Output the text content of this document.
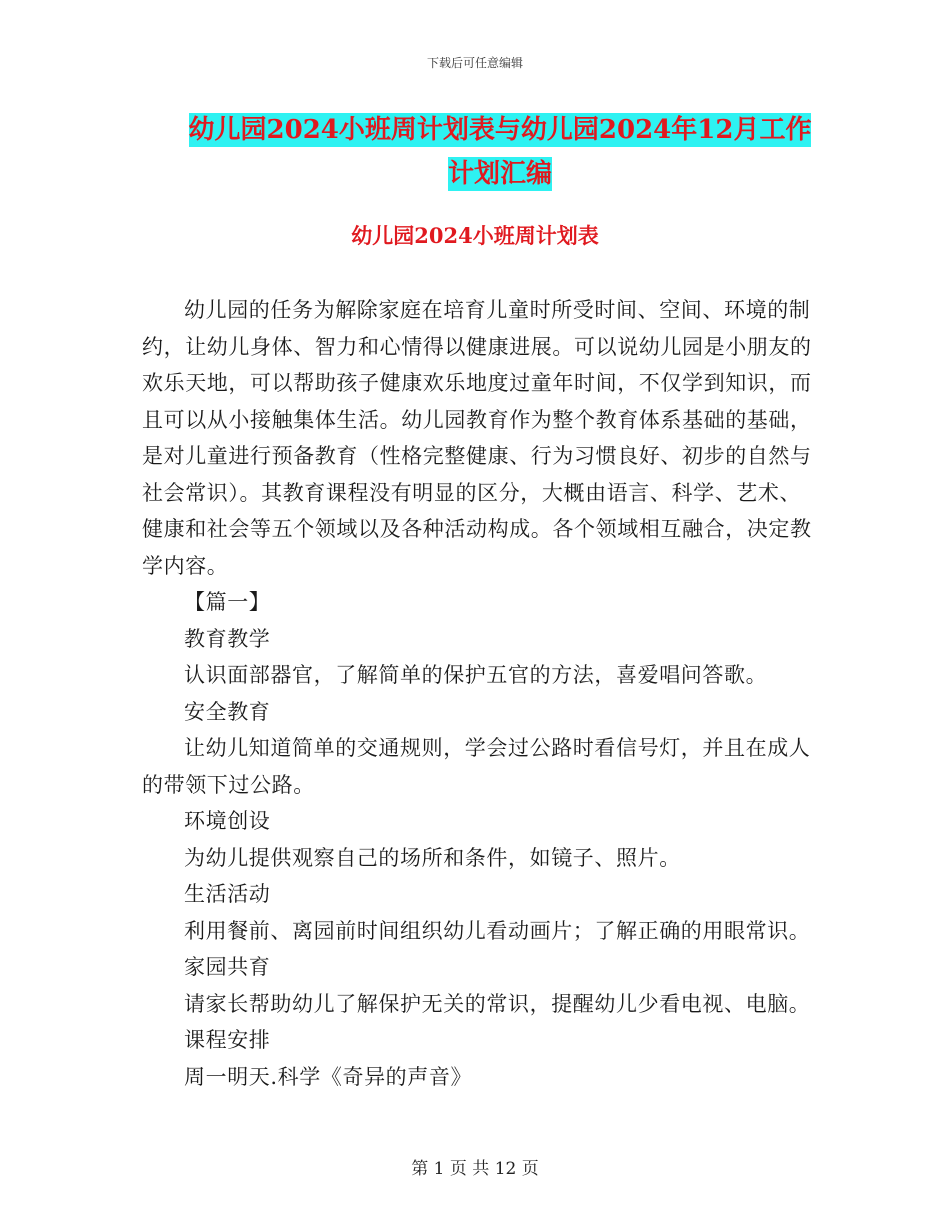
下载后可任意编辑
幼儿园2024小班周计划表与幼儿园2024年12月工作
计划汇编
幼儿园2024小班周计划表

幼儿园的任务为解除家庭在培育儿童时所受时间、空间、环境的制约，让幼儿身体、智力和心情得以健康进展。可以说幼儿园是小朋友的欢乐天地，可以帮助孩子健康欢乐地度过童年时间，不仅学到知识，而且可以从小接触集体生活。幼儿园教育作为整个教育体系基础的基础，是对儿童进行预备教育（性格完整健康、行为习惯良好、初步的自然与社会常识）。其教育课程没有明显的区分，大概由语言、科学、艺术、健康和社会等五个领域以及各种活动构成。各个领域相互融合，决定教学内容。

【篇一】

教育教学

认识面部器官，了解简单的保护五官的方法，喜爱唱问答歌。

安全教育

让幼儿知道简单的交通规则，学会过公路时看信号灯，并且在成人的带领下过公路。

环境创设

为幼儿提供观察自己的场所和条件，如镜子、照片。

生活活动

利用餐前、离园前时间组织幼儿看动画片；了解正确的用眼常识。

家园共育

请家长帮助幼儿了解保护无关的常识，提醒幼儿少看电视、电脑。

课程安排

周一明天.科学《奇异的声音》

第 1 页 共 12 页
